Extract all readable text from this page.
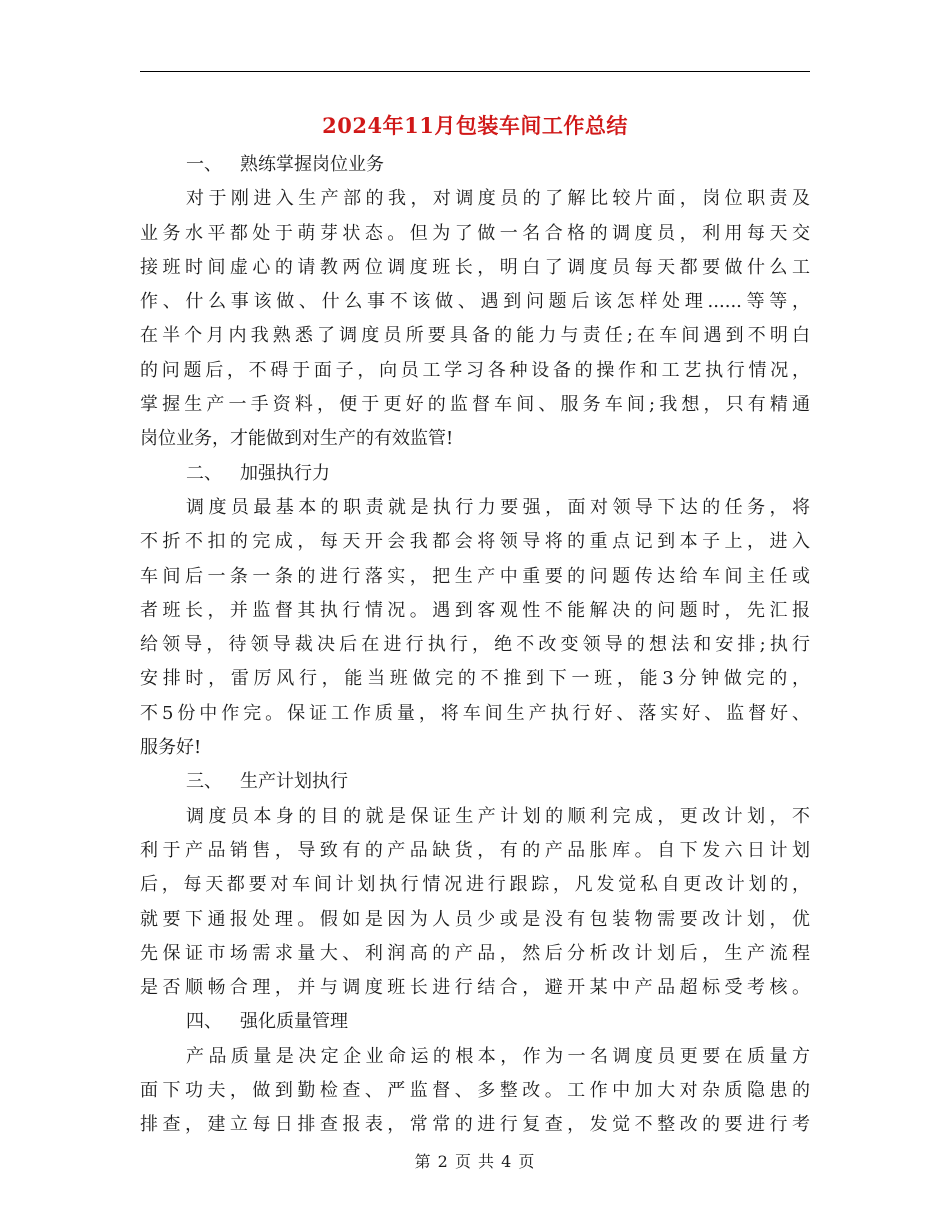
2024年11月包装车间工作总结
一、 熟练掌握岗位业务
对于刚进入生产部的我，对调度员的了解比较片面，岗位职责及
业务水平都处于萌芽状态。但为了做一名合格的调度员，利用每天交
接班时间虚心的请教两位调度班长，明白了调度员每天都要做什么工
作、什么事该做、什么事不该做、遇到问题后该怎样处理......等等，
在半个月内我熟悉了调度员所要具备的能力与责任;在车间遇到不明白
的问题后，不碍于面子，向员工学习各种设备的操作和工艺执行情况，
掌握生产一手资料，便于更好的监督车间、服务车间;我想，只有精通
岗位业务，才能做到对生产的有效监管!
二、 加强执行力
调度员最基本的职责就是执行力要强，面对领导下达的任务，将
不折不扣的完成，每天开会我都会将领导将的重点记到本子上，进入
车间后一条一条的进行落实，把生产中重要的问题传达给车间主任或
者班长，并监督其执行情况。遇到客观性不能解决的问题时，先汇报
给领导，待领导裁决后在进行执行，绝不改变领导的想法和安排;执行
安排时，雷厉风行，能当班做完的不推到下一班，能3分钟做完的，
不5份中作完。保证工作质量，将车间生产执行好、落实好、监督好、
服务好!
三、 生产计划执行
调度员本身的目的就是保证生产计划的顺利完成，更改计划，不
利于产品销售，导致有的产品缺货，有的产品胀库。自下发六日计划
后，每天都要对车间计划执行情况进行跟踪，凡发觉私自更改计划的，
就要下通报处理。假如是因为人员少或是没有包装物需要改计划，优
先保证市场需求量大、利润高的产品，然后分析改计划后，生产流程
是否顺畅合理，并与调度班长进行结合，避开某中产品超标受考核。
四、 强化质量管理
产品质量是决定企业命运的根本，作为一名调度员更要在质量方
面下功夫，做到勤检查、严监督、多整改。工作中加大对杂质隐患的
排查，建立每日排查报表，常常的进行复查，发觉不整改的要进行考
第 2 页 共 4 页
